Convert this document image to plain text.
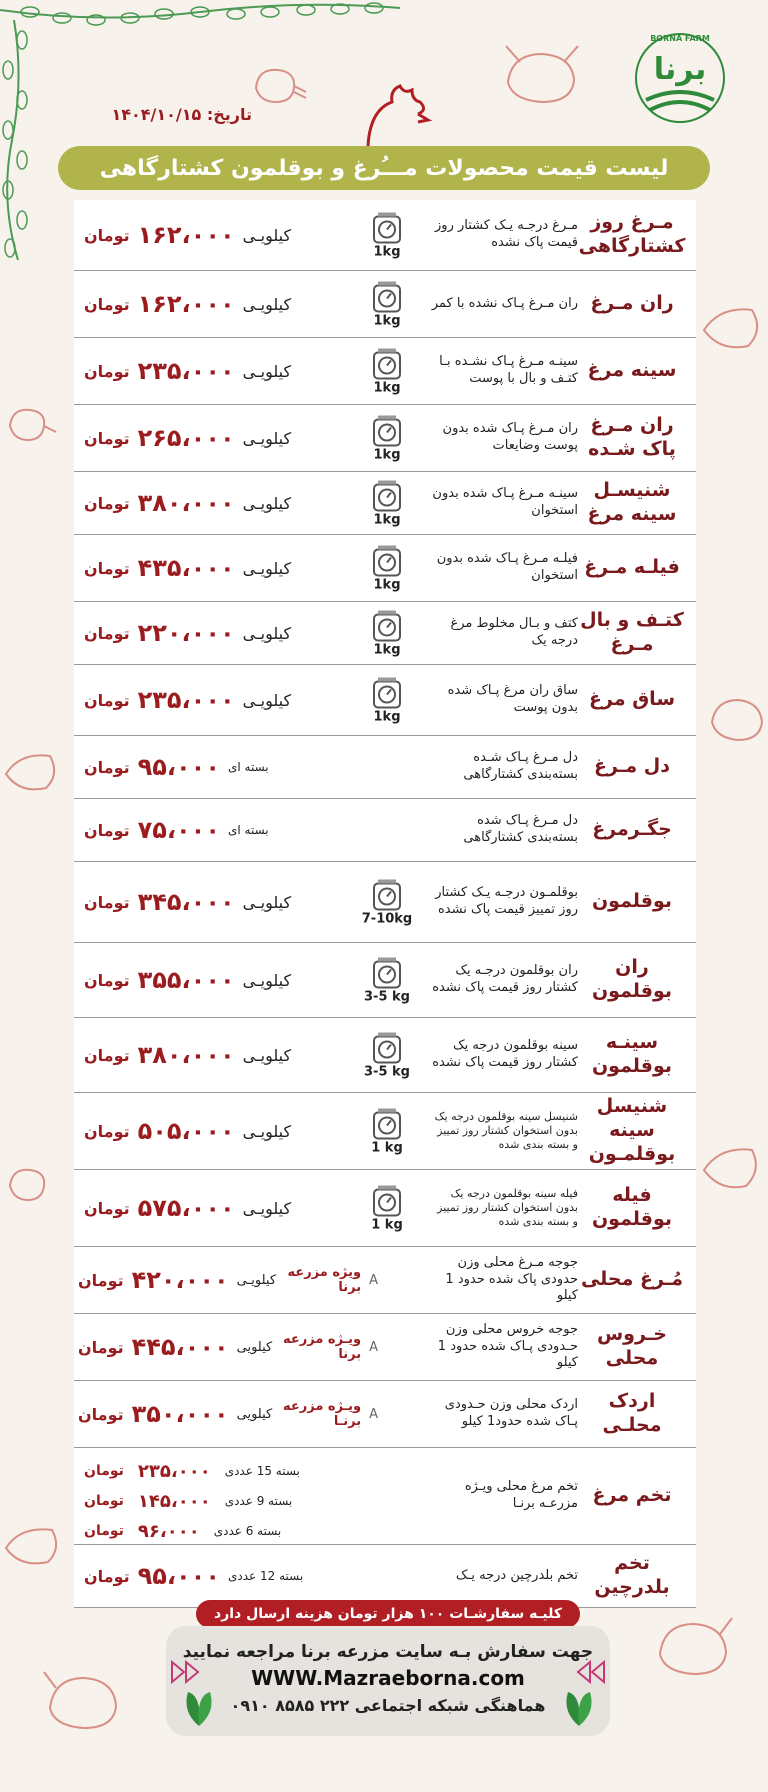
برنا
BORNA FARM
تاریخ: ۱۴۰۴/۱۰/۱۵
لیست قیمت محصولات مـــُرغ و بوقلمون کشتارگاهی
مـرغ روز کشتارگاهی
مـرغ درجـه یـک کشتار روز قیمت پاک نشده
1kg
کیلویـی
۱۶۲،۰۰۰
تومان
ران مـرغ
ران مـرغ پـاک نشده با کمر
1kg
کیلویـی
۱۶۲،۰۰۰
تومان
سینه مرغ
سینـه مـرغ پـاک نشـده بـا کتـف و بال با پوست
1kg
کیلویـی
۲۳۵،۰۰۰
تومان
ران مـرغ پاک شـده
ران مـرغ پـاک شده بدون پوست وضایعات
1kg
کیلویـی
۲۶۵،۰۰۰
تومان
شنیسـل سینه مرغ
سینـه مـرغ پـاک شده بدون استخوان
1kg
کیلویـی
۳۸۰،۰۰۰
تومان
فیلـه مـرغ
فیلـه مـرغ پـاک شده بدون استخوان
1kg
کیلویـی
۴۳۵،۰۰۰
تومان
کتـف و بال مـرغ
کتف و بـال مخلوط مرغ درجه یک
1kg
کیلویـی
۲۲۰،۰۰۰
تومان
ساق مرغ
ساق ران مرغ پـاک شده بدون پوست
1kg
کیلویـی
۲۳۵،۰۰۰
تومان
دل مـرغ
دل مـرغ پـاک شـده بسته‌بندی کشتارگاهی
بسته ای
۹۵،۰۰۰
تومان
جگـرمرغ
دل مـرغ پـاک شده بسته‌بندی کشتارگاهی
بسته ای
۷۵،۰۰۰
تومان
بوقلمون
بوقلمـون درجـه یـک کشتار روز تمییز قیمت پاک نشده
7-10kg
کیلویـی
۳۴۵،۰۰۰
تومان
ران بوقلمون
ران بوقلمون درجـه یک کشتار روز قیمت پاک نشده
3-5 kg
کیلویـی
۳۵۵،۰۰۰
تومان
سینـه بوقلمون
سینه بوقلمون درجه یک کشتار روز قیمت پاک نشده
3-5 kg
کیلویـی
۳۸۰،۰۰۰
تومان
شنیسل سینه بوقلمـون
شنیسل سینه بوقلمون درجه یک بدون استخوان کشتار روز تمییز و بسته بندی شده
1 kg
کیلویـی
۵۰۵،۰۰۰
تومان
فیله بوقلمون
فیله سینه بوقلمون درجه یک بدون استخوان کشتار روز تمییز و بسته بندی شده
1 kg
کیلویـی
۵۷۵،۰۰۰
تومان
مُـرغ محلی
جوجه مـرغ محلی وزن حدودی پاک شده حدود 1 کیلو
A
ویژه مزرعه برنا
کیلویـی
۴۲۰،۰۰۰
تومان
خـروس محلی
جوجه خروس محلی وزن حـدودی پـاک شده حدود 1 کیلو
A
ویـژه مزرعه برنا
کیلویی
۴۴۵،۰۰۰
تومان
اردک محلـی
اردک محلی وزن حـدودی پـاک شده حدود1 کیلو
A
ویـژه مزرعه برنـا
کیلویی
۳۵۰،۰۰۰
تومان
تخم مرغ
تخم مرغ محلی ویـژه مزرعـه برنـا
بسته 15 عددی
۲۳۵،۰۰۰
تومان
بسته 9 عددی
۱۴۵،۰۰۰
تومان
بسته 6 عددی
۹۶،۰۰۰
تومان
تخم بلدرچین
تخم بلدرچین درجه یـک
بسته 12 عددی
۹۵،۰۰۰
تومان
کلیـه سفارشـات ۱۰۰ هزار تومان هزینه ارسال دارد
جهت سفارش بـه سایت مزرعه برنا مراجعه نمایید
WWW.Mazraeborna.com
هماهنگی شبکه اجتماعی ۲۲۲ ۸۵۸۵ ۰۹۱۰
